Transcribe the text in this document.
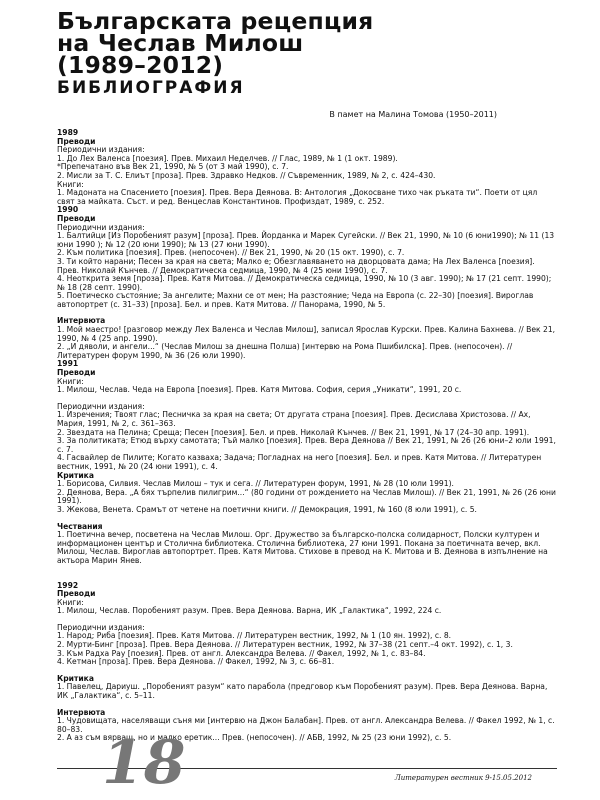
Българската рецепция
на Чеслав Милош
(1989–2012)
БИБЛИОГРАФИЯ
В памет на Малина Томова (1950–2011)

1989

Преводи

Периодични издания:

1. До Лех Валенса [поезия]. Прев. Михаил Неделчев. // Глас, 1989, № 1 (1 окт. 1989).

*Препечатано във Век 21, 1990, № 5 (от 3 май 1990), с. 7.

2. Мисли за Т. С. Елиът [проза]. Прев. Здравко Недков. // Съвременник, 1989, № 2, с. 424–430.

Книги:

1. Мадоната на Спасението [поезия]. Прев. Вера Деянова. В: Антология „Докосване тихо чак ръката ти“. Поети от цял свят за майката. Съст. и ред. Венцеслав Константинов. Профиздат, 1989, с. 252.

1990

Преводи

Периодични издания:

1. Балтийци [Из Поробеният разум] [проза]. Прев. Йорданка и Марек Сугейски. // Век 21, 1990, № 10 (6 юни1990); № 11 (13 юни 1990 ); № 12 (20 юни 1990); № 13 (27 юни 1990).

2. Към политика [поезия]. Прев. (непосочен). // Век 21, 1990, № 20 (15 окт. 1990), с. 7.

3. Ти който нарани; Песен за края на света; Малко е; Обезглавяването на дворцовата дама; На Лех Валенса [поезия]. Прев. Николай Кънчев. // Демократическа седмица, 1990, № 4 (25 юни 1990), с. 7.

4. Неоткрита земя [проза]. Прев. Катя Митова. // Демократическа седмица, 1990, № 10 (3 авг. 1990); № 17 (21 септ. 1990); № 18 (28 септ. 1990).

5. Поетическо състояние; За ангелите; Махни се от мен; На разстояние; Чеда на Европа (с. 22–30) [поезия]. Вироглав автопортрет (с. 31–33) [проза]. Бел. и прев. Катя Митова. // Панорама, 1990, № 5.

Интервюта

1. Мой маестро! [разговор между Лех Валенса и Чеслав Милош], записал Ярослав Курски. Прев. Калина Бахнева. // Век 21, 1990, № 4 (25 апр. 1990).

2. „И дяволи, и ангели...“ (Чеслав Милош за днешна Полша) [интервю на Рома Пшибилска]. Прев. (непосочен). // Литературен форум 1990, № 36 (26 юли 1990).

1991

Преводи

Книги:

1. Милош, Чеслав. Чеда на Европа [поезия]. Прев. Катя Митова. София, серия „Уникати“, 1991, 20 с.

Периодични издания:

1. Изречения; Твоят глас; Песничка за края на света; От другата страна [поезия]. Прев. Десислава Христозова. // Ах, Мария, 1991, № 2, с. 361–363.

2. Звездата на Пелина; Среща; Песен [поезия]. Бел. и прев. Николай Кънчев. // Век 21, 1991, № 17 (24–30 апр. 1991).

3. За политиката; Етюд върху самотата; Тъй малко [поезия]. Прев. Вера Деянова // Век 21, 1991, № 26 (26 юни–2 юли 1991, с. 7.

4. Гасвайлер de Пилите; Когато казваха; Задача; Погладнах на него [поезия]. Бел. и прев. Катя Митова. // Литературен вестник, 1991, № 20 (24 юни 1991), с. 4.

Критика

1. Борисова, Силвия. Чеслав Милош – тук и сега. // Литературен форум, 1991, № 28 (10 юли 1991).

2. Деянова, Вера. „А бях търпелив пилигрим...“ (80 години от рождението на Чеслав Милош). // Век 21, 1991, № 26 (26 юни 1991).

3. Жекова, Венета. Срамът от четене на поетични книги. // Демокрация, 1991, № 160 (8 юли 1991), с. 5.

Чествания

1. Поетична вечер, посветена на Чеслав Милош. Орг. Дружество за българско-полска солидарност, Полски културен и информационен център и Столична библиотека. Столична библиотека, 27 юни 1991. Покана за поетичната вечер, вкл. Милош, Чеслав. Вироглав автопортрет. Прев. Катя Митова. Стихове в превод на К. Митова и В. Деянова в изпълнение на актьора Марин Янев.

1992

Преводи

Книги:

1. Милош, Чеслав. Поробеният разум. Прев. Вера Деянова. Варна, ИК „Галактика“, 1992, 224 с.

Периодични издания:

1. Народ; Риба [поезия]. Прев. Катя Митова. // Литературен вестник, 1992, № 1 (10 ян. 1992), с. 8.

2. Мурти-Бинг [проза]. Прев. Вера Деянова. // Литературен вестник, 1992, № 37–38 (21 септ.–4 окт. 1992), с. 1, 3.

3. Към Радха Рау [поезия]. Прев. от англ. Александра Велева. // Факел, 1992, № 1, с. 83–84.

4. Кетман [проза]. Прев. Вера Деянова. // Факел, 1992, № 3, с. 66–81.

Критика

1. Павелец, Дариуш. „Поробеният разум“ като парабола (предговор към Поробеният разум). Прев. Вера Деянова. Варна, ИК „Галактика“, с. 5–11.

Интервюта

1. Чудовищата, населяващи съня ми [интервю на Джон Балабан]. Прев. от англ. Александра Велева. // Факел 1992, № 1, с. 80–83.

2. А аз съм вярващ, но и малко еретик... Прев. (непосочен). // АБВ, 1992, № 25 (23 юни 1992), с. 5.

18	Литературен вестник 9-15.05.2012
